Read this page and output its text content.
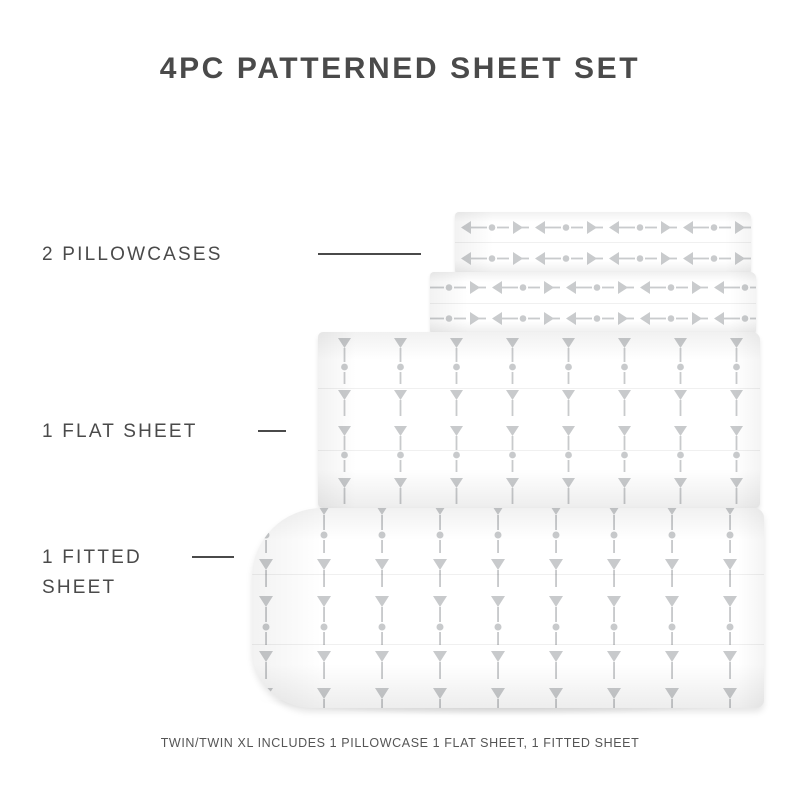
4PC PATTERNED SHEET SET
2 PILLOWCASES
1 FLAT SHEET
1 FITTED
SHEET
TWIN/TWIN XL INCLUDES 1 PILLOWCASE 1 FLAT SHEET, 1 FITTED SHEET
